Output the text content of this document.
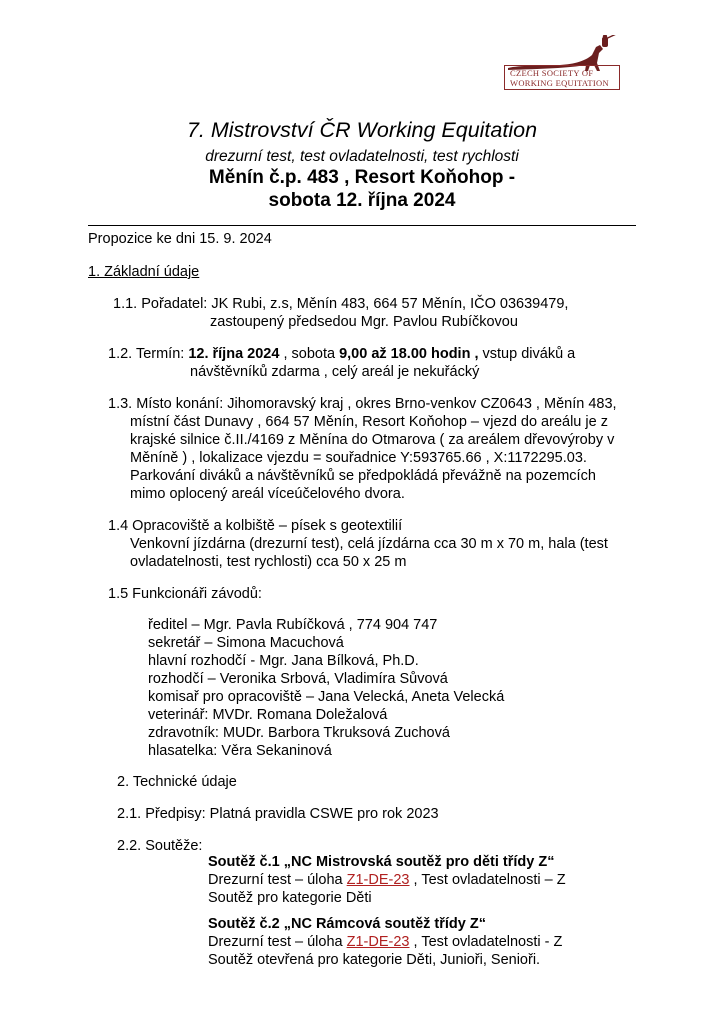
CZECH SOCIETY OF
WORKING EQUITATION
7. Mistrovství ČR Working Equitation
drezurní test, test ovladatelnosti, test rychlosti
Měnín č.p. 483 , Resort Koňohop -
sobota 12. října 2024
Propozice ke dni 15. 9. 2024
1. Základní údaje
1.1. Pořadatel: JK Rubi, z.s, Měnín 483, 664 57 Měnín, IČO 03639479,
zastoupený předsedou Mgr. Pavlou Rubíčkovou
1.2. Termín: 12. října 2024 , sobota 9,00 až 18.00 hodin , vstup diváků a
návštěvníků zdarma , celý areál je nekuřácký
1.3. Místo konání: Jihomoravský kraj , okres Brno-venkov CZ0643 , Měnín 483,
místní část Dunavy , 664 57 Měnín, Resort Koňohop – vjezd do areálu je z
krajské silnice č.II./4169 z Měnína do Otmarova ( za areálem dřevovýroby v
Měníně ) , lokalizace vjezdu = souřadnice Y:593765.66 , X:1172295.03.
Parkování diváků a návštěvníků se předpokládá převážně na pozemcích
mimo oplocený areál víceúčelového dvora.
1.4 Opracoviště a kolbiště – písek s geotextilií
Venkovní jízdárna (drezurní test), celá jízdárna cca 30 m x 70 m, hala (test
ovladatelnosti, test rychlosti) cca 50 x 25 m
1.5 Funkcionáři závodů:
ředitel – Mgr. Pavla Rubíčková , 774 904 747
sekretář – Simona Macuchová
hlavní rozhodčí - Mgr. Jana Bílková, Ph.D.
rozhodčí – Veronika Srbová, Vladimíra Sůvová
komisař pro opracoviště – Jana Velecká, Aneta Velecká
veterinář: MVDr. Romana Doležalová
zdravotník: MUDr. Barbora Tkruksová Zuchová
hlasatelka: Věra Sekaninová
2. Technické údaje
2.1. Předpisy: Platná pravidla CSWE pro rok 2023
2.2. Soutěže:
Soutěž č.1 „NC Mistrovská soutěž pro děti třídy Z“
Drezurní test – úloha Z1-DE-23 , Test ovladatelnosti – Z
Soutěž pro kategorie Děti
Soutěž č.2 „NC Rámcová soutěž třídy Z“
Drezurní test – úloha Z1-DE-23 , Test ovladatelnosti - Z
Soutěž otevřená pro kategorie Děti, Junioři, Senioři.
